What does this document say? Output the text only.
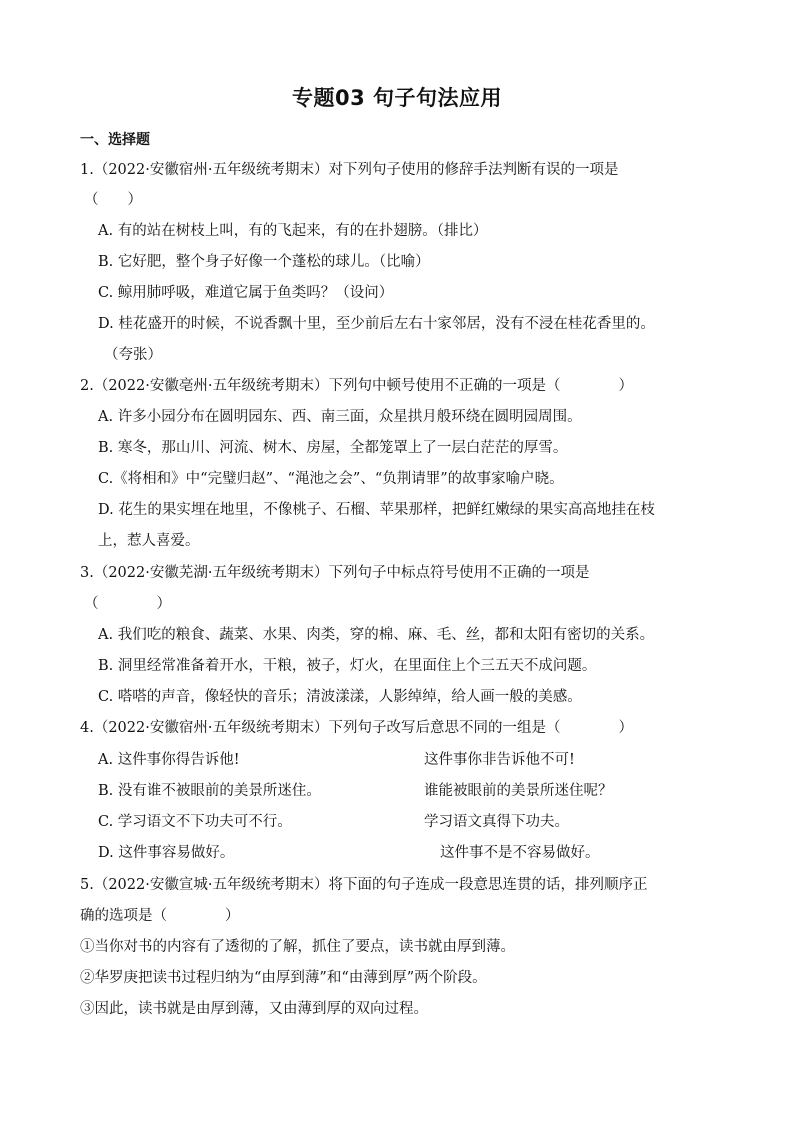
专题03 句子句法应用
一、选择题
1.（2022·安徽宿州·五年级统考期末）对下列句子使用的修辞手法判断有误的一项是
（　　）
A. 有的站在树枝上叫，有的飞起来，有的在扑翅膀。（排比）
B. 它好肥，整个身子好像一个蓬松的球儿。（比喻）
C. 鲸用肺呼吸，难道它属于鱼类吗？（设问）
D. 桂花盛开的时候，不说香飘十里，至少前后左右十家邻居，没有不浸在桂花香里的。
（夸张）
2.（2022·安徽亳州·五年级统考期末）下列句中顿号使用不正确的一项是（　　　　）
A. 许多小园分布在圆明园东、西、南三面，众星拱月般环绕在圆明园周围。
B. 寒冬，那山川、河流、树木、房屋，全都笼罩上了一层白茫茫的厚雪。
C.《将相和》中“完璧归赵”、“渑池之会”、“负荆请罪”的故事家喻户晓。
D. 花生的果实埋在地里，不像桃子、石榴、苹果那样，把鲜红嫩绿的果实高高地挂在枝
上，惹人喜爱。
3.（2022·安徽芜湖·五年级统考期末）下列句子中标点符号使用不正确的一项是
（　　　　）
A. 我们吃的粮食、蔬菜、水果、肉类，穿的棉、麻、毛、丝，都和太阳有密切的关系。
B. 洞里经常准备着开水，干粮，被子，灯火，在里面住上个三五天不成问题。
C. 嗒嗒的声音，像轻快的音乐；清波漾漾，人影绰绰，给人画一般的美感。
4.（2022·安徽宿州·五年级统考期末）下列句子改写后意思不同的一组是（　　　　）
A. 这件事你得告诉他!	这件事你非告诉他不可!
B. 没有谁不被眼前的美景所迷住。	谁能被眼前的美景所迷住呢？
C. 学习语文不下功夫可不行。	学习语文真得下功夫。
D. 这件事容易做好。	这件事不是不容易做好。
5.（2022·安徽宣城·五年级统考期末）将下面的句子连成一段意思连贯的话，排列顺序正
确的选项是（　　　　）
①当你对书的内容有了透彻的了解，抓住了要点，读书就由厚到薄。
②华罗庚把读书过程归纳为“由厚到薄”和“由薄到厚”两个阶段。
③因此，读书就是由厚到薄，又由薄到厚的双向过程。
